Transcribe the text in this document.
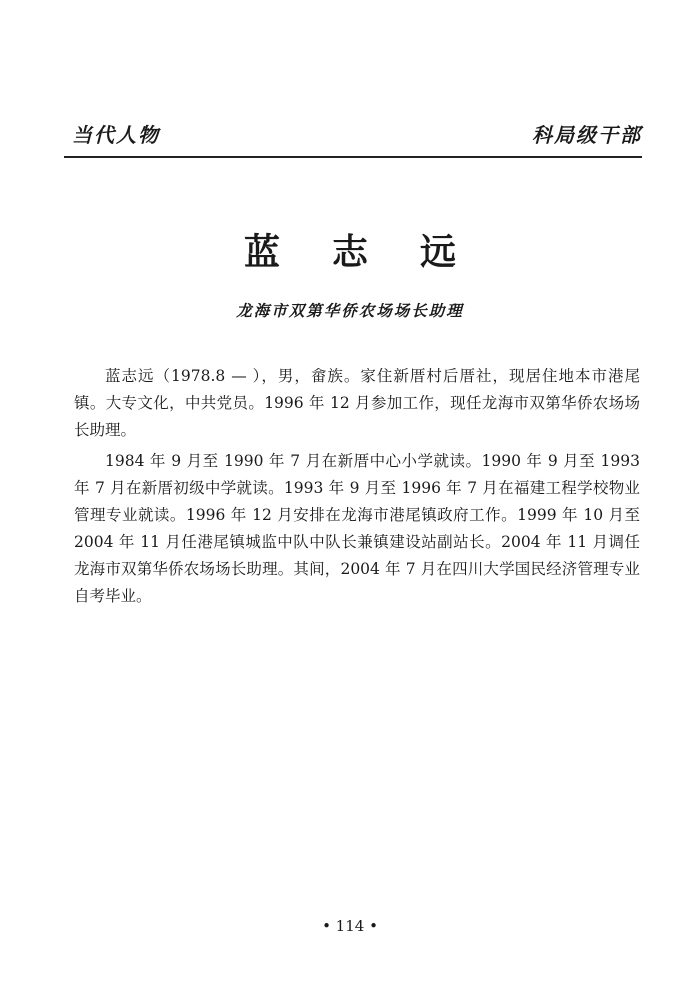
当代人物	科局级干部
蓝志远
龙海市双第华侨农场场长助理

蓝志远（1978.8 — ），男，畲族。家住新厝村后厝社，现居住地本市港尾镇。大专文化，中共党员。1996 年 12 月参加工作，现任龙海市双第华侨农场场长助理。

1984 年 9 月至 1990 年 7 月在新厝中心小学就读。1990 年 9 月至 1993 年 7 月在新厝初级中学就读。1993 年 9 月至 1996 年 7 月在福建工程学校物业管理专业就读。1996 年 12 月安排在龙海市港尾镇政府工作。1999 年 10 月至 2004 年 11 月任港尾镇城监中队中队长兼镇建设站副站长。2004 年 11 月调任龙海市双第华侨农场场长助理。其间，2004 年 7 月在四川大学国民经济管理专业自考毕业。

• 114 •
